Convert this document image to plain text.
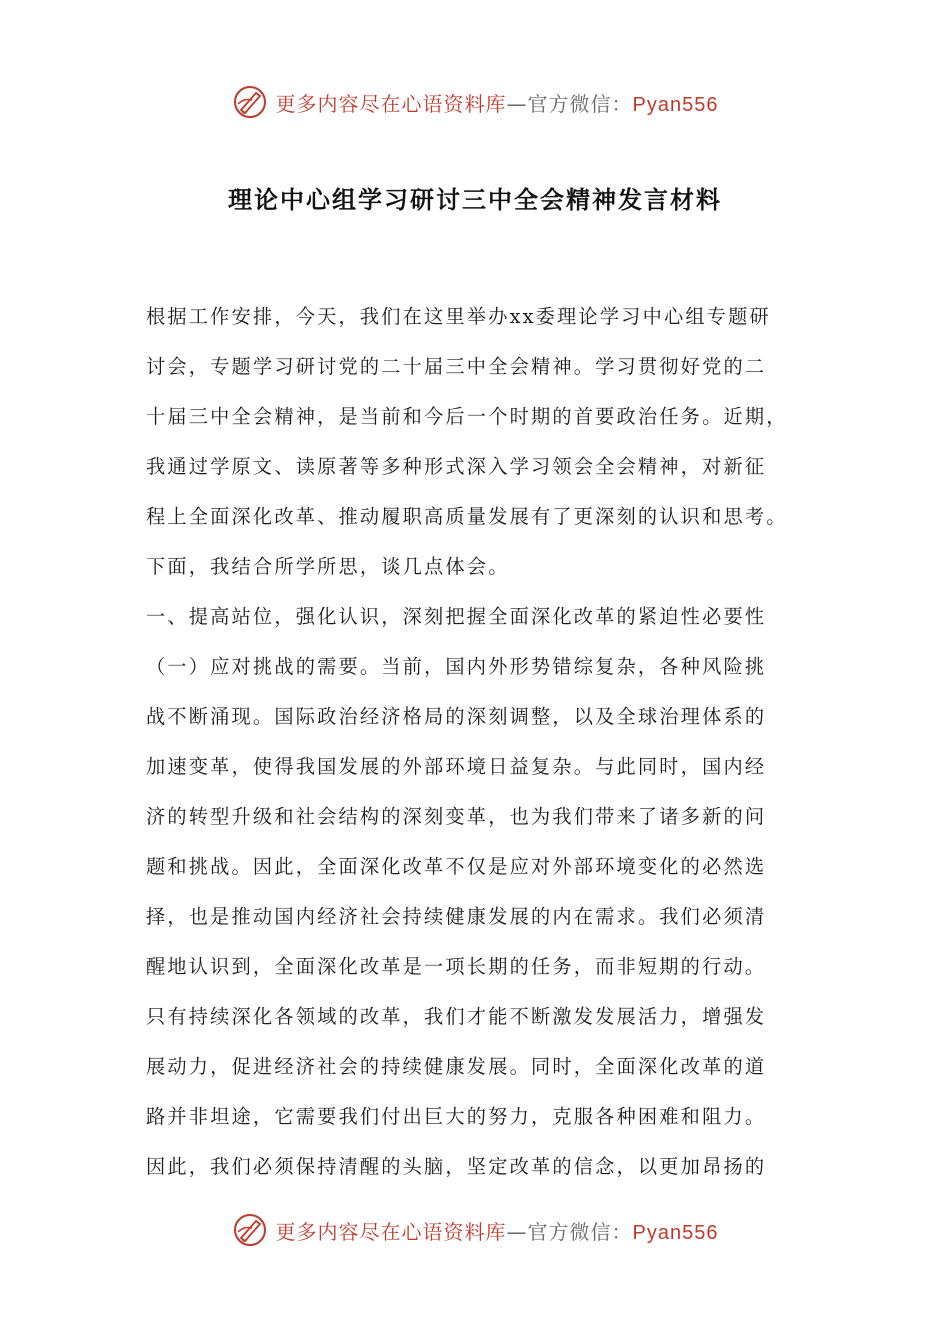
更多内容尽在心语资料库—官方微信：Pyan556
理论中心组学习研讨三中全会精神发言材料
根据工作安排，今天，我们在这里举办xx委理论学习中心组专题研
讨会，专题学习研讨党的二十届三中全会精神。学习贯彻好党的二
十届三中全会精神，是当前和今后一个时期的首要政治任务。近期，
我通过学原文、读原著等多种形式深入学习领会全会精神，对新征
程上全面深化改革、推动履职高质量发展有了更深刻的认识和思考。
下面，我结合所学所思，谈几点体会。
一、提高站位，强化认识，深刻把握全面深化改革的紧迫性必要性
（一）应对挑战的需要。当前，国内外形势错综复杂，各种风险挑
战不断涌现。国际政治经济格局的深刻调整，以及全球治理体系的
加速变革，使得我国发展的外部环境日益复杂。与此同时，国内经
济的转型升级和社会结构的深刻变革，也为我们带来了诸多新的问
题和挑战。因此，全面深化改革不仅是应对外部环境变化的必然选
择，也是推动国内经济社会持续健康发展的内在需求。我们必须清
醒地认识到，全面深化改革是一项长期的任务，而非短期的行动。
只有持续深化各领域的改革，我们才能不断激发发展活力，增强发
展动力，促进经济社会的持续健康发展。同时，全面深化改革的道
路并非坦途，它需要我们付出巨大的努力，克服各种困难和阻力。
因此，我们必须保持清醒的头脑，坚定改革的信念，以更加昂扬的
更多内容尽在心语资料库—官方微信：Pyan556
